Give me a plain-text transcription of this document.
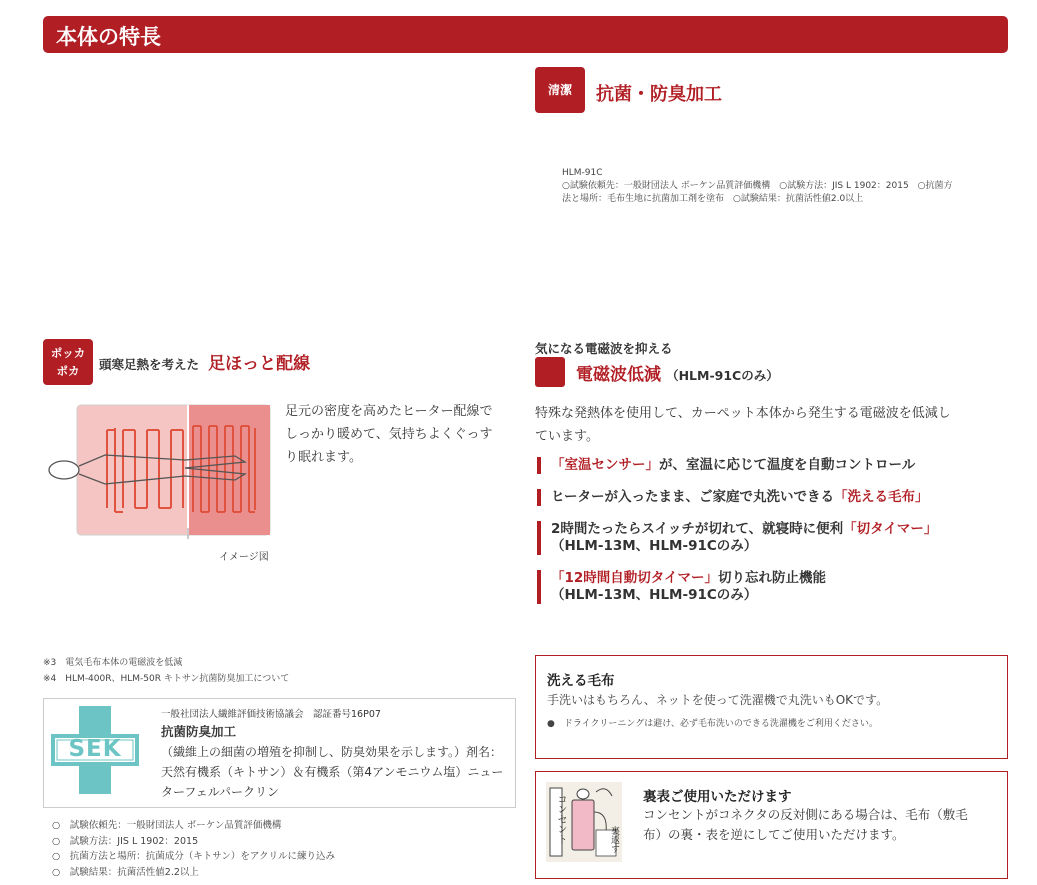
本体の特長
清潔	抗菌・防臭加工
HLM-91C
○試験依頼先：一般財団法人 ボーケン品質評価機構　○試験方法：JIS L 1902：2015　○抗菌方
法と場所：毛布生地に抗菌加工剤を塗布　○試験結果：抗菌活性値2.0以上
ポッカ
ポカ	頭寒足熱を考えた 足ほっと配線
イメージ図
足元の密度を高めたヒーター配線で
しっかり暖めて、気持ちよくぐっす
り眠れます。
気になる電磁波を抑える
電磁波低減 （HLM-91Cのみ）
特殊な発熱体を使用して、カーペット本体から発生する電磁波を低減し
ています。
「室温センサー」が、室温に応じて温度を自動コントロール
ヒーターが入ったまま、ご家庭で丸洗いできる「洗える毛布」
2時間たったらスイッチが切れて、就寝時に便利「切タイマー」
（HLM-13M、HLM-91Cのみ）
「12時間自動切タイマー」切り忘れ防止機能
（HLM-13M、HLM-91Cのみ）
※3　電気毛布本体の電磁波を低減
※4　HLM-400R、HLM-50R キトサン抗菌防臭加工について
SEK
一般社団法人繊維評価技術協議会　認証番号16P07
抗菌防臭加工
（繊維上の細菌の増殖を抑制し、防臭効果を示します。）剤名：
天然有機系（キトサン）＆有機系（第4アンモニウム塩）ニュー
ターフェルパークリン
○　試験依頼先：一般財団法人 ボーケン品質評価機構
○　試験方法：JIS L 1902：2015
○　抗菌方法と場所：抗菌成分（キトサン）をアクリルに練り込み
○　試験結果：抗菌活性値2.2以上
洗える毛布
手洗いはもちろん、ネットを使って洗濯機で丸洗いもOKです。
●　ドライクリーニングは避け、必ず毛布洗いのできる洗濯機をご利用ください。
コンセント	裏返す
裏表ご使用いただけます
コンセントがコネクタの反対側にある場合は、毛布（敷毛
布）の裏・表を逆にしてご使用いただけます。
